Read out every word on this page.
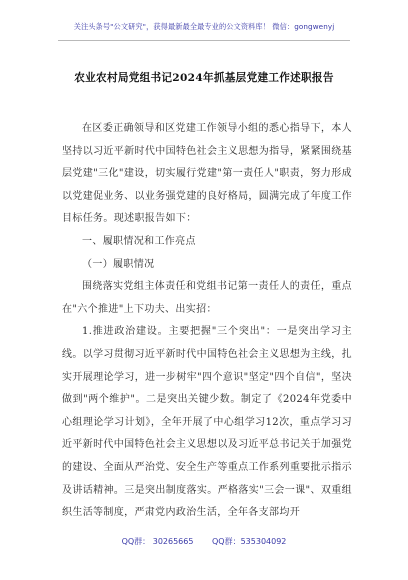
关注头条号"公文研究"，获得最新最全最专业的公文资料库！ 微信：gongwenyj
农业农村局党组书记2024年抓基层党建工作述职报告

在区委正确领导和区党建工作领导小组的悉心指导下，本人坚持以习近平新时代中国特色社会主义思想为指导，紧紧围绕基层党建"三化"建设，切实履行党建"第一责任人"职责，努力形成以党建促业务、以业务强党建的良好格局，圆满完成了年度工作目标任务。现述职报告如下：

一、履职情况和工作亮点

（一）履职情况

围绕落实党组主体责任和党组书记第一责任人的责任，重点在"六个推进"上下功夫、出实招：

1.推进政治建设。主要把握"三个突出"：一是突出学习主线。以学习贯彻习近平新时代中国特色社会主义思想为主线，扎实开展理论学习，进一步树牢"四个意识"坚定"四个自信"，坚决做到"两个维护"。二是突出关键少数。制定了《2024年党委中心组理论学习计划》，全年开展了中心组学习12次，重点学习习近平新时代中国特色社会主义思想以及习近平总书记关于加强党的建设、全面从严治党、安全生产等重点工作系列重要批示指示及讲话精神。三是突出制度落实。严格落实"三会一课"、双重组织生活等制度，严肃党内政治生活，全年各支部均开

QQ群： 30265665 QQ群：535304092
